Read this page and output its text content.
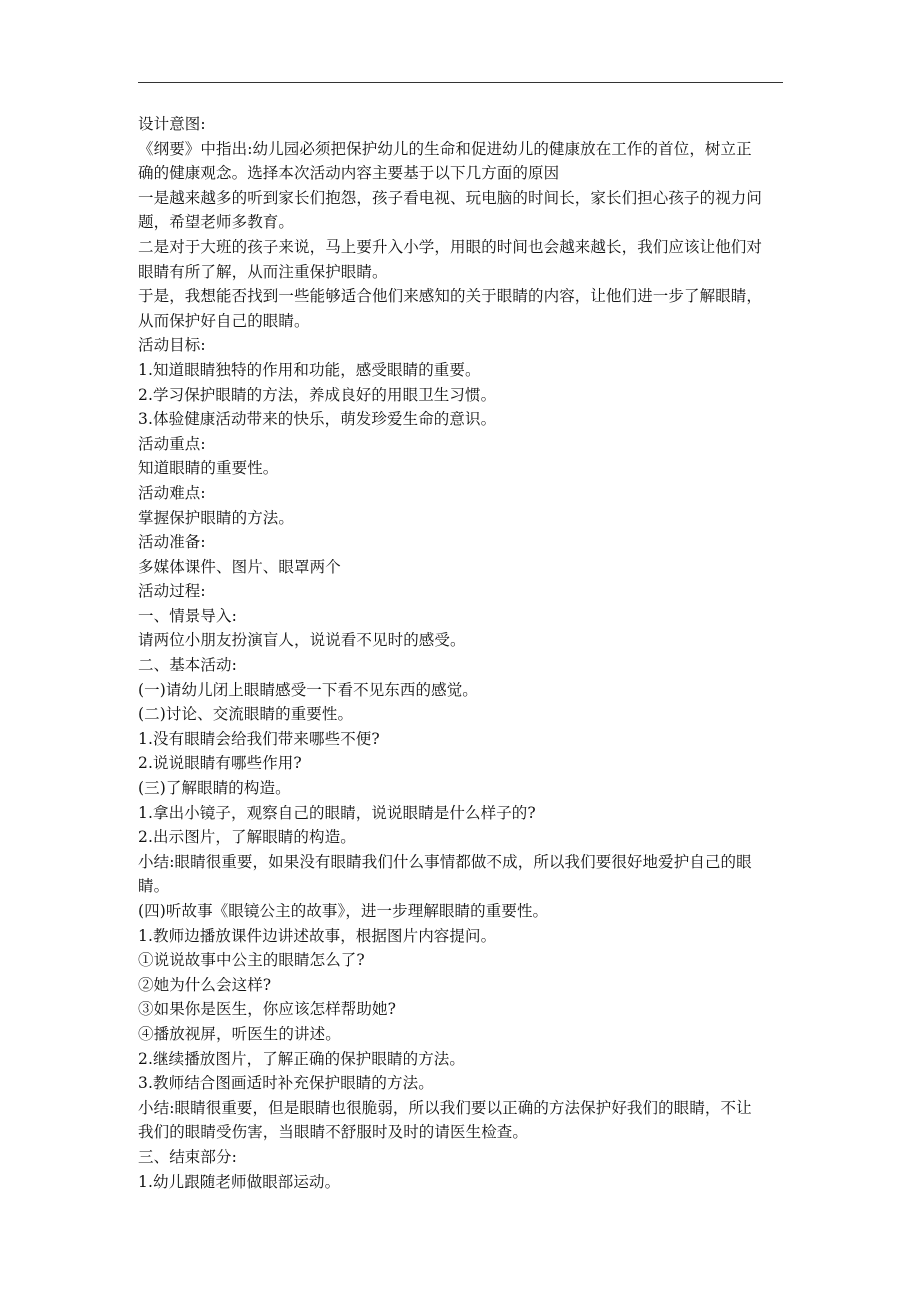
设计意图:
《纲要》中指出:幼儿园必须把保护幼儿的生命和促进幼儿的健康放在工作的首位，树立正
确的健康观念。选择本次活动内容主要基于以下几方面的原因
一是越来越多的听到家长们抱怨，孩子看电视、玩电脑的时间长，家长们担心孩子的视力问
题，希望老师多教育。
二是对于大班的孩子来说，马上要升入小学，用眼的时间也会越来越长，我们应该让他们对
眼睛有所了解，从而注重保护眼睛。
于是，我想能否找到一些能够适合他们来感知的关于眼睛的内容，让他们进一步了解眼睛，
从而保护好自己的眼睛。
活动目标:
1.知道眼睛独特的作用和功能，感受眼睛的重要。
2.学习保护眼睛的方法，养成良好的用眼卫生习惯。
3.体验健康活动带来的快乐，萌发珍爱生命的意识。
活动重点:
知道眼睛的重要性。
活动难点:
掌握保护眼睛的方法。
活动准备:
多媒体课件、图片、眼罩两个
活动过程:
一、情景导入:
请两位小朋友扮演盲人，说说看不见时的感受。
二、基本活动:
(一)请幼儿闭上眼睛感受一下看不见东西的感觉。
(二)讨论、交流眼睛的重要性。
1.没有眼睛会给我们带来哪些不便?
2.说说眼睛有哪些作用?
(三)了解眼睛的构造。
1.拿出小镜子，观察自己的眼睛，说说眼睛是什么样子的?
2.出示图片，了解眼睛的构造。
小结:眼睛很重要，如果没有眼睛我们什么事情都做不成，所以我们要很好地爱护自己的眼
睛。
(四)听故事《眼镜公主的故事》，进一步理解眼睛的重要性。
1.教师边播放课件边讲述故事，根据图片内容提问。
①说说故事中公主的眼睛怎么了?
②她为什么会这样?
③如果你是医生，你应该怎样帮助她?
④播放视屏，听医生的讲述。
2.继续播放图片，了解正确的保护眼睛的方法。
3.教师结合图画适时补充保护眼睛的方法。
小结:眼睛很重要，但是眼睛也很脆弱，所以我们要以正确的方法保护好我们的眼睛，不让
我们的眼睛受伤害，当眼睛不舒服时及时的请医生检查。
三、结束部分:
1.幼儿跟随老师做眼部运动。
